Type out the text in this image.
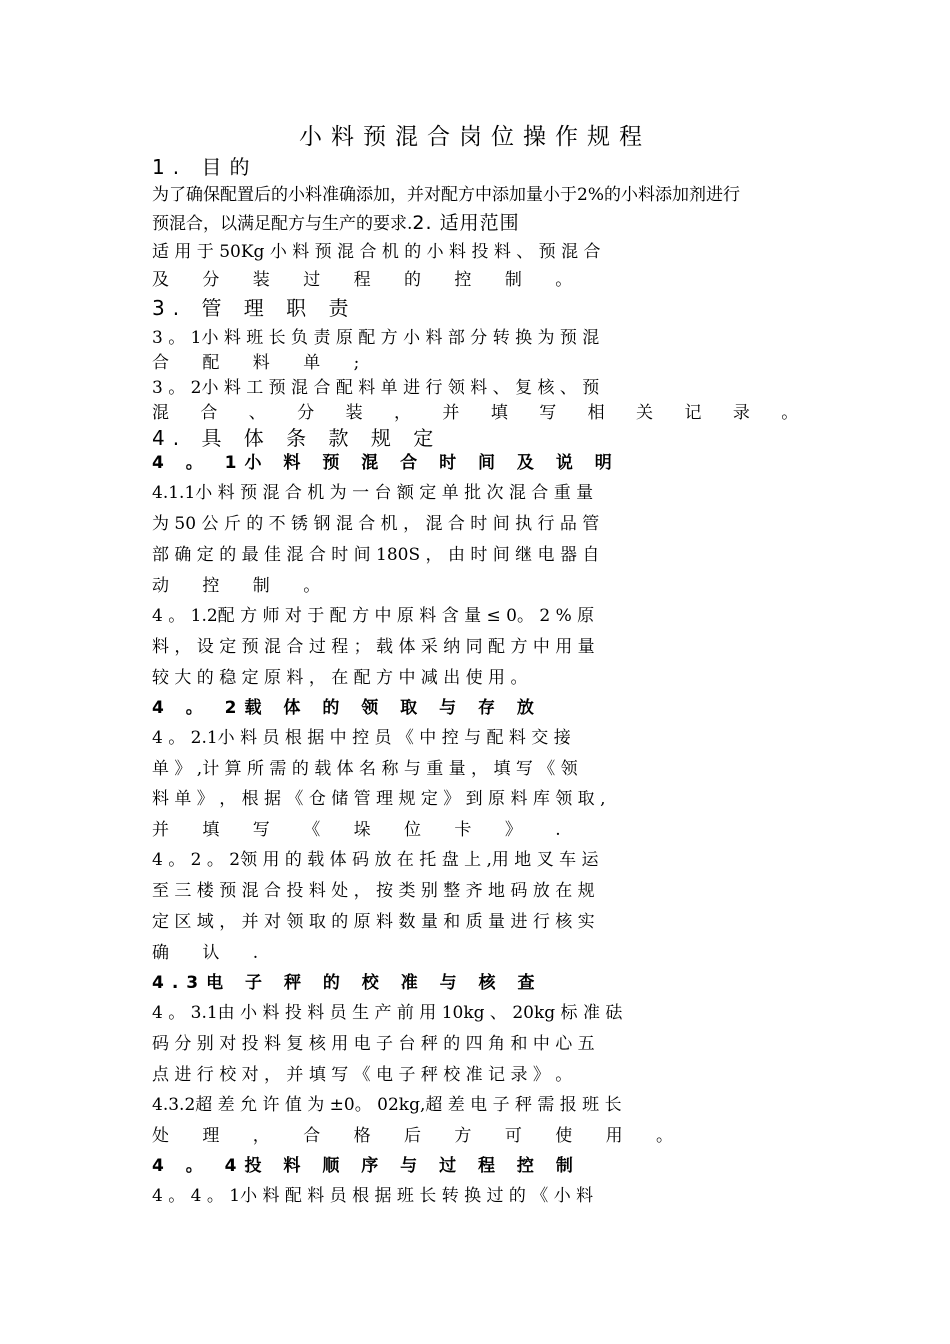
小料预混合岗位操作规程
1. 目的
为了确保配置后的小料准确添加，并对配方中添加量小于2%的小料添加剂进行
预混合，以满足配方与生产的要求.2. 适用范围
适 用 于 50Kg 小 料 预 混 合 机 的 小 料 投 料 、 预 混 合
及 分 装 过 程 的 控 制 。
3. 管 理 职 责
3 。 1小 料 班 长 负 责 原 配 方 小 料 部 分 转 换 为 预 混
合 配 料 单 ;
3 。 2小 料 工 预 混 合 配 料 单 进 行 领 料 、 复 核 、 预
混 合 、 分 装 ， 并 填 写 相 关 记 录 。
4. 具 体 条 款 规 定
4 。 1小 料 预 混 合 时 间 及 说 明
4.1.1小 料 预 混 合 机 为 一 台 额 定 单 批 次 混 合 重 量
为 50 公 斤 的 不 锈 钢 混 合 机 ， 混 合 时 间 执 行 品 管
部 确 定 的 最 佳 混 合 时 间 180S ， 由 时 间 继 电 器 自
动 控 制 。
4 。 1.2配 方 师 对 于 配 方 中 原 料 含 量 ≤ 0。 2 % 原
料 ， 设 定 预 混 合 过 程 ； 载 体 采 纳 同 配 方 中 用 量
较 大 的 稳 定 原 料 ， 在 配 方 中 减 出 使 用 。
4 。 2载 体 的 领 取 与 存 放
4 。 2.1小 料 员 根 据 中 控 员 《 中 控 与 配 料 交 接
单 》 ,计 算 所 需 的 载 体 名 称 与 重 量 ， 填 写 《 领
料 单 》 ， 根 据 《 仓 储 管 理 规 定 》 到 原 料 库 领 取 ,
并 填 写 《 垛 位 卡 》 .
4 。 2 。 2领 用 的 载 体 码 放 在 托 盘 上 ,用 地 叉 车 运
至 三 楼 预 混 合 投 料 处 ， 按 类 别 整 齐 地 码 放 在 规
定 区 域 ， 并 对 领 取 的 原 料 数 量 和 质 量 进 行 核 实
确 认 .
4.3电 子 秤 的 校 准 与 核 查
4 。 3.1由 小 料 投 料 员 生 产 前 用 10kg 、 20kg 标 准 砝
码 分 别 对 投 料 复 核 用 电 子 台 秤 的 四 角 和 中 心 五
点 进 行 校 对 ， 并 填 写 《 电 子 秤 校 准 记 录 》 。
4.3.2超 差 允 许 值 为 ±0。 02kg,超 差 电 子 秤 需 报 班 长
处 理 ， 合 格 后 方 可 使 用 。
4 。 4投 料 顺 序 与 过 程 控 制
4 。 4 。 1小 料 配 料 员 根 据 班 长 转 换 过 的 《 小 料
